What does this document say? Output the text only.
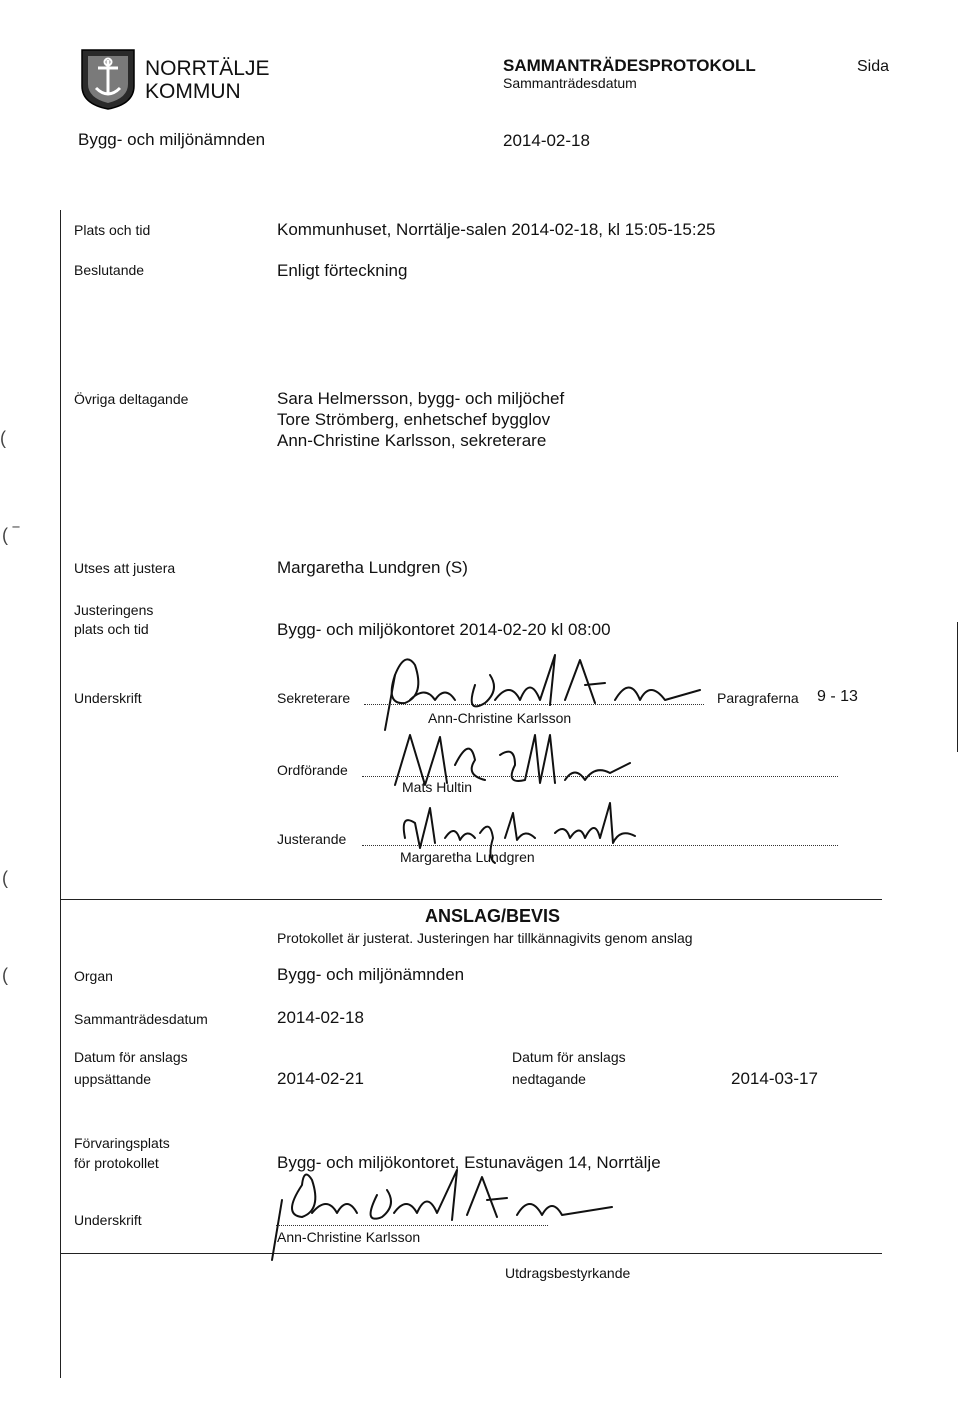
NORRTÄLJE
KOMMUN
SAMMANTRÄDESPROTOKOLL
Sammanträdesdatum
Sida
Bygg- och miljönämnden	2014-02-18
(
( ‾
(
(
Plats och tid	Kommunhuset, Norrtälje-salen 2014-02-18, kl 15:05-15:25
Beslutande	Enligt förteckning
Övriga deltagande	Sara Helmersson, bygg- och miljöchef
Tore Strömberg, enhetschef bygglov
Ann-Christine Karlsson, sekreterare
Utses att justera	Margaretha Lundgren (S)
Justeringens
plats och tid	Bygg- och miljökontoret 2014-02-20 kl 08:00
Underskrift	Sekreterare
Ann-Christine Karlsson
Paragraferna 9 - 13
Ordförande
Mats Hultin
Justerande
Margaretha Lundgren
ANSLAG/BEVIS
Protokollet är justerat. Justeringen har tillkännagivits genom anslag
Organ	Bygg- och miljönämnden
Sammanträdesdatum	2014-02-18
Datum för anslags
uppsättande	2014-02-21
Datum för anslags
nedtagande	2014-03-17
Förvaringsplats
för protokollet	Bygg- och miljökontoret, Estunavägen 14, Norrtälje
Underskrift
Ann-Christine Karlsson
Utdragsbestyrkande
